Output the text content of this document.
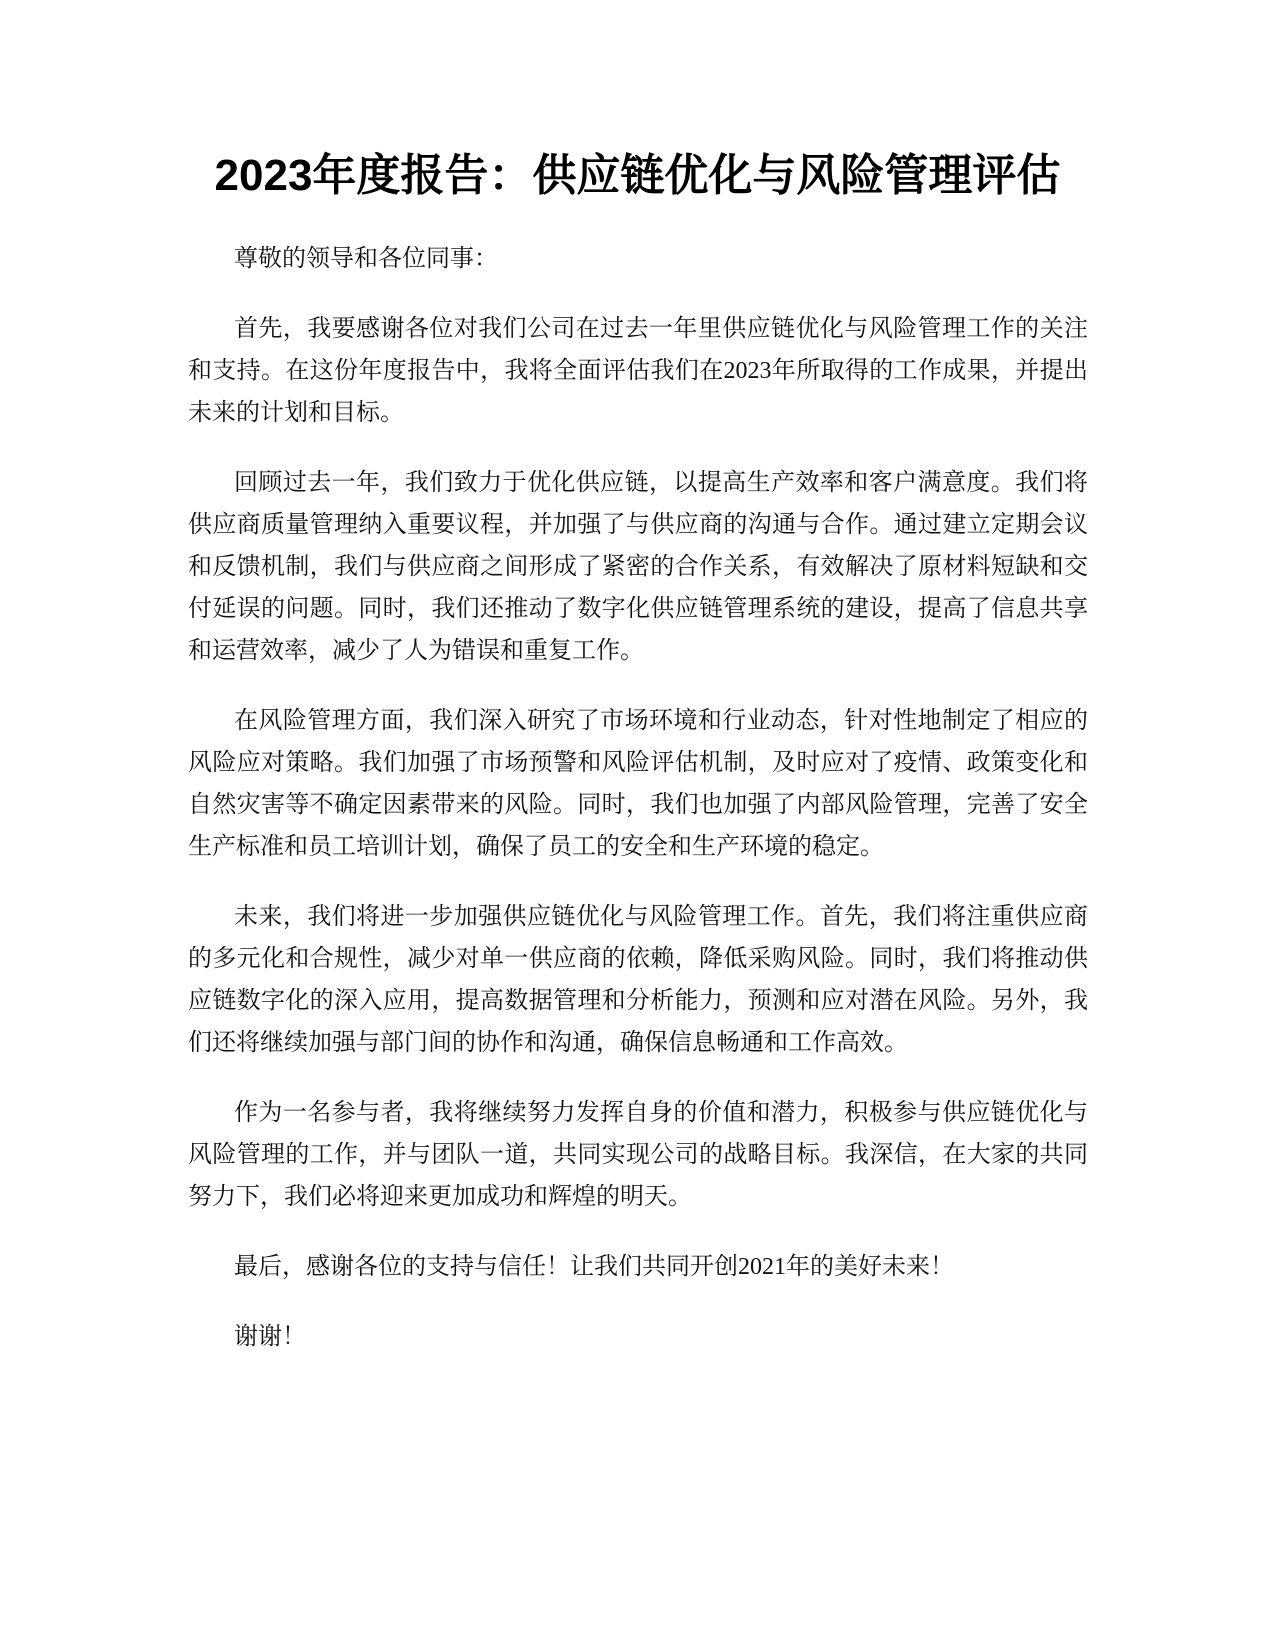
2023年度报告：供应链优化与风险管理评估

尊敬的领导和各位同事：

首先，我要感谢各位对我们公司在过去一年里供应链优化与风险管理工作的关注和支持。在这份年度报告中，我将全面评估我们在2023年所取得的工作成果，并提出未来的计划和目标。

回顾过去一年，我们致力于优化供应链，以提高生产效率和客户满意度。我们将供应商质量管理纳入重要议程，并加强了与供应商的沟通与合作。通过建立定期会议和反馈机制，我们与供应商之间形成了紧密的合作关系，有效解决了原材料短缺和交付延误的问题。同时，我们还推动了数字化供应链管理系统的建设，提高了信息共享和运营效率，减少了人为错误和重复工作。

在风险管理方面，我们深入研究了市场环境和行业动态，针对性地制定了相应的风险应对策略。我们加强了市场预警和风险评估机制，及时应对了疫情、政策变化和自然灾害等不确定因素带来的风险。同时，我们也加强了内部风险管理，完善了安全生产标准和员工培训计划，确保了员工的安全和生产环境的稳定。

未来，我们将进一步加强供应链优化与风险管理工作。首先，我们将注重供应商的多元化和合规性，减少对单一供应商的依赖，降低采购风险。同时，我们将推动供应链数字化的深入应用，提高数据管理和分析能力，预测和应对潜在风险。另外，我们还将继续加强与部门间的协作和沟通，确保信息畅通和工作高效。

作为一名参与者，我将继续努力发挥自身的价值和潜力，积极参与供应链优化与风险管理的工作，并与团队一道，共同实现公司的战略目标。我深信，在大家的共同努力下，我们必将迎来更加成功和辉煌的明天。

最后，感谢各位的支持与信任！让我们共同开创2021年的美好未来！

谢谢！
